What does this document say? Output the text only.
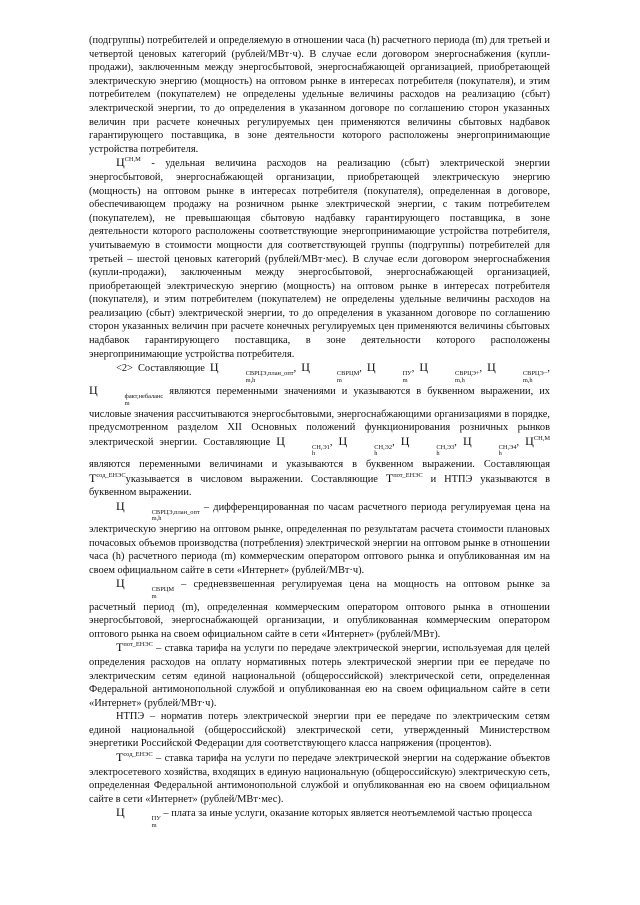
(подгруппы) потребителей и определяемую в отношении часа (h) расчетного периода (m) для третьей и четвертой ценовых категорий (рублей/МВт·ч). В случае если договором энергоснабжения (купли-продажи), заключенным между энергосбытовой, энергоснабжающей организацией, приобретающей электрическую энергию (мощность) на оптовом рынке в интересах потребителя (покупателя), и этим потребителем (покупателем) не определены удельные величины расходов на реализацию (сбыт) электрической энергии, то до определения в указанном договоре по соглашению сторон указанных величин при расчете конечных регулируемых цен применяются величины сбытовых надбавок гарантирующего поставщика, в зоне деятельности которого расположены энергопринимающие устройства потребителя.

$Ц^{СН,М}$ - удельная величина расходов на реализацию (сбыт) электрической энергии энергосбытовой, энергоснабжающей организации, приобретающей электрическую энергию (мощность) на оптовом рынке в интересах потребителя (покупателя), определенная в договоре, обеспечивающем продажу на розничном рынке электрической энергии, с таким потребителем (покупателем), не превышающая сбытовую надбавку гарантирующего поставщика, в зоне деятельности которого расположены соответствующие энергопринимающие устройства потребителя, учитываемую в стоимости мощности для соответствующей группы (подгруппы) потребителей для третьей – шестой ценовых категорий (рублей/МВт·мес). В случае если договором энергоснабжения (купли-продажи), заключенным между энергосбытовой, энергоснабжающей организацией, приобретающей электрическую энергию (мощность) на оптовом рынке в интересах потребителя (покупателя), и этим потребителем (покупателем) не определены удельные величины расходов на реализацию (сбыт) электрической энергии, то до определения в указанном договоре по соглашению сторон указанных величин при расчете конечных регулируемых цен применяются величины сбытовых надбавок гарантирующего поставщика, в зоне деятельности которого расположены энергопринимающие устройства потребителя.

<2> Составляющие Ц	СВРЦЭ,план_опт
m,h
, Ц	СВРЦМ
m
, Ц	ПУ
m
, Ц	СВРЦЭ+
m,h
, Ц	СВРЦЭ−
m,h
, Ц	факт,небаланс
m
являются переменными значениями и указываются в буквенном выражении, их числовые значения рассчитываются энергосбытовыми, энергоснабжающими организациями в порядке, предусмотренном разделом XII Основных положений функционирования розничных рынков электрической энергии. Составляющие Ц	СН,Э1
h
, Ц	СН,Э2
h
, Ц	СН,Э3
h
, Ц	СН,Э4
h
, $Ц^{СН,М}$ являются переменными величинами и указываются в буквенном выражении. Составляющая $Т^{сод\_ЕНЭС}указывается$ в числовом выражении. Составляющие $Т^{пот\_ЕНЭС}$ и НТПЭ указываются в буквенном выражении.

Ц	СВРЦЭ,план_опт
m,h
– дифференцированная по часам расчетного периода регулируемая цена на электрическую энергию на оптовом рынке, определенная по результатам расчета стоимости плановых почасовых объемов производства (потребления) электрической энергии на оптовом рынке в отношении часа (h) расчетного периода (m) коммерческим оператором оптового рынка и опубликованная им на своем официальном сайте в сети «Интернет» (рублей/МВт·ч).

Ц	СВРЦМ
m
– средневзвешенная регулируемая цена на мощность на оптовом рынке за расчетный период (m), определенная коммерческим оператором оптового рынка в отношении энергосбытовой, энергоснабжающей организации, и опубликованная коммерческим оператором оптового рынка на своем официальном сайте в сети «Интернет» (рублей/МВт).

$Т^{пот\_ЕНЭС}$ – ставка тарифа на услуги по передаче электрической энергии, используемая для целей определения расходов на оплату нормативных потерь электрической энергии при ее передаче по электрическим сетям единой национальной (общероссийской) электрической сети, определенная Федеральной антимонопольной службой и опубликованная ею на своем официальном сайте в сети «Интернет» (рублей/МВт·ч).

НТПЭ – норматив потерь электрической энергии при ее передаче по электрическим сетям единой национальной (общероссийской) электрической сети, утвержденный Министерством энергетики Российской Федерации для соответствующего класса напряжения (процентов).

$Т^{сод\_ЕНЭС}$ – ставка тарифа на услуги по передаче электрической энергии на содержание объектов электросетевого хозяйства, входящих в единую национальную (общероссийскую) электрическую сеть, определенная Федеральной антимонопольной службой и опубликованная ею на своем официальном сайте в сети «Интернет» (рублей/МВт·мес).

Ц	ПУ
m
– плата за иные услуги, оказание которых является неотъемлемой частью процесса
